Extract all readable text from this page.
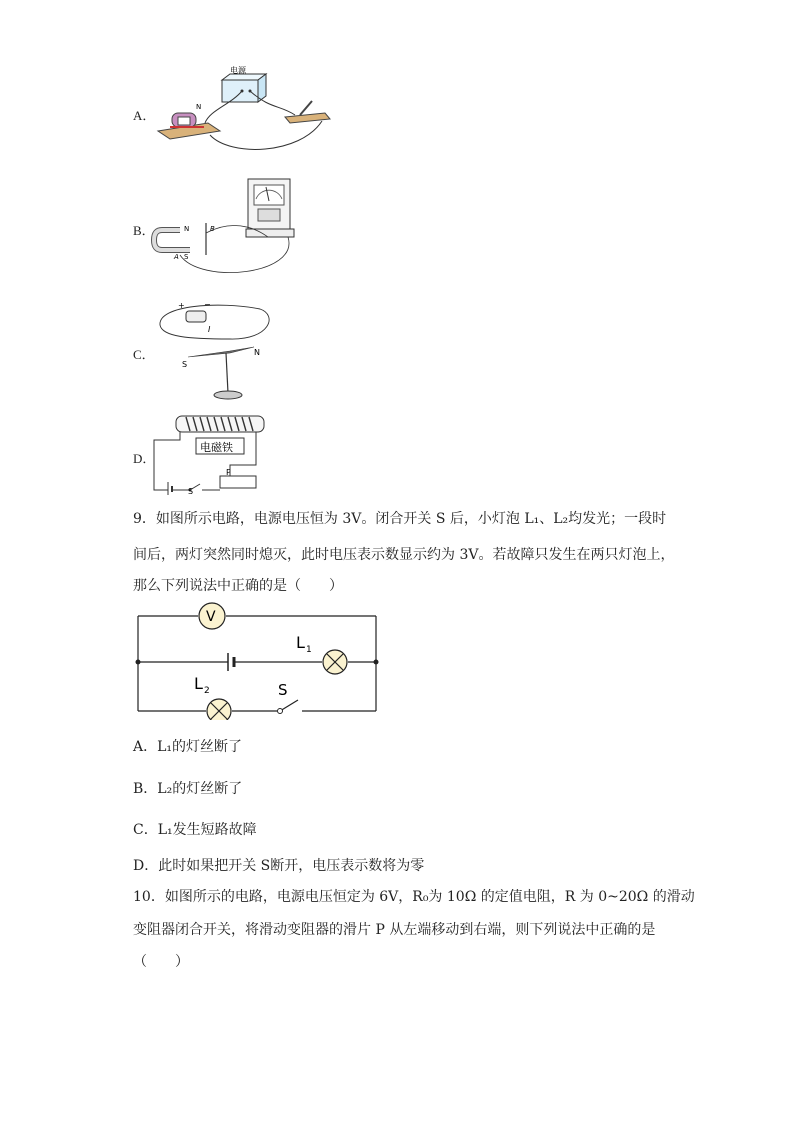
A．
电源
N
B．	N
S
A
B
C．
+ −
I
S
N
D．
电磁铁
S
P
9．如图所示电路，电源电压恒为 3V。闭合开关 S 后，小灯泡 L₁、L₂均发光；一段时
间后，两灯突然同时熄灭，此时电压表示数显示约为 3V。若故障只发生在两只灯泡上，
那么下列说法中正确的是（　　）
V
L 1
L 2	S
A．L₁的灯丝断了
B．L₂的灯丝断了
C．L₁发生短路故障
D．此时如果把开关 S断开，电压表示数将为零
10．如图所示的电路，电源电压恒定为 6V，R₀为 10Ω 的定值电阻，R 为 0~20Ω 的滑动
变阻器闭合开关，将滑动变阻器的滑片 P 从左端移动到右端，则下列说法中正确的是
（　　）
